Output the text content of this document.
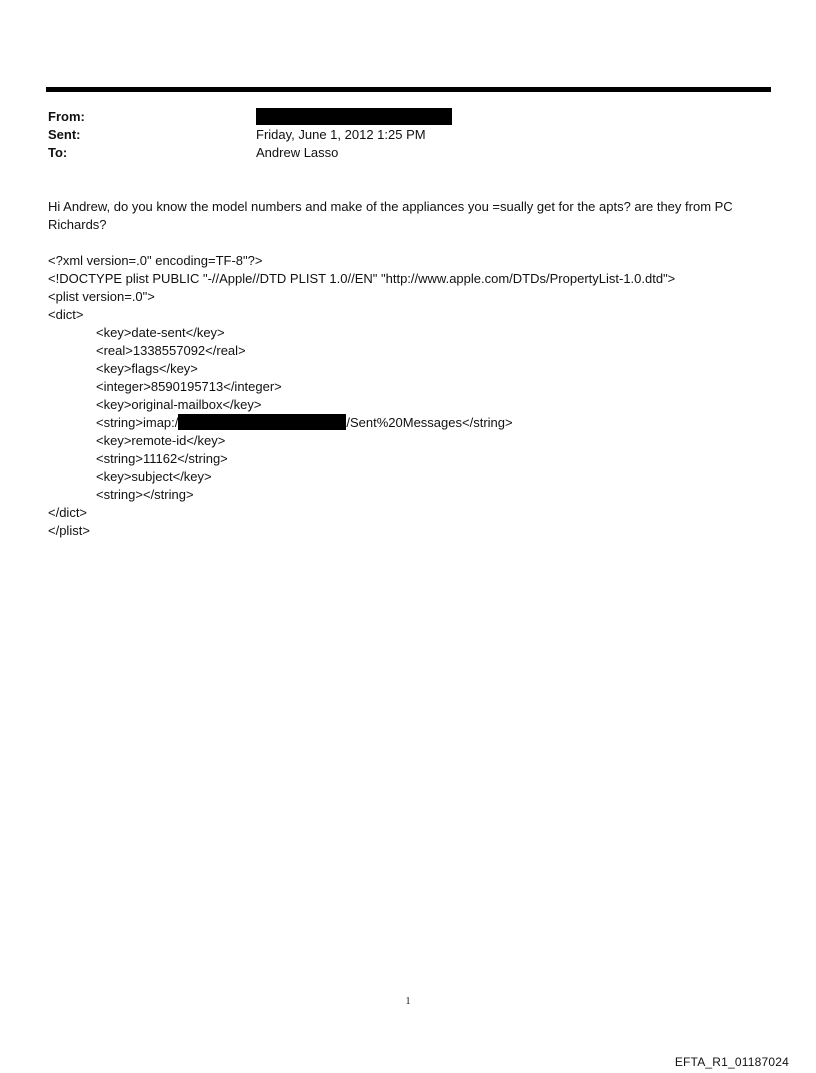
From:
Sent:	Friday, June 1, 2012 1:25 PM
To:	Andrew Lasso
Hi Andrew, do you know the model numbers and make of the appliances you =sually get for the apts? are they from PC Richards?
<?xml version=.0" encoding=TF-8"?>
<!DOCTYPE plist PUBLIC "-//Apple//DTD PLIST 1.0//EN" "http://www.apple.com/DTDs/PropertyList-1.0.dtd">
<plist version=.0">
<dict>
<key>date-sent</key>
<real>1338557092</real>
<key>flags</key>
<integer>8590195713</integer>
<key>original-mailbox</key>
<string>imap:/	/Sent%20Messages</string>
<key>remote-id</key>
<string>11162</string>
<key>subject</key>
<string></string>
</dict>
</plist>
1
EFTA_R1_01187024
